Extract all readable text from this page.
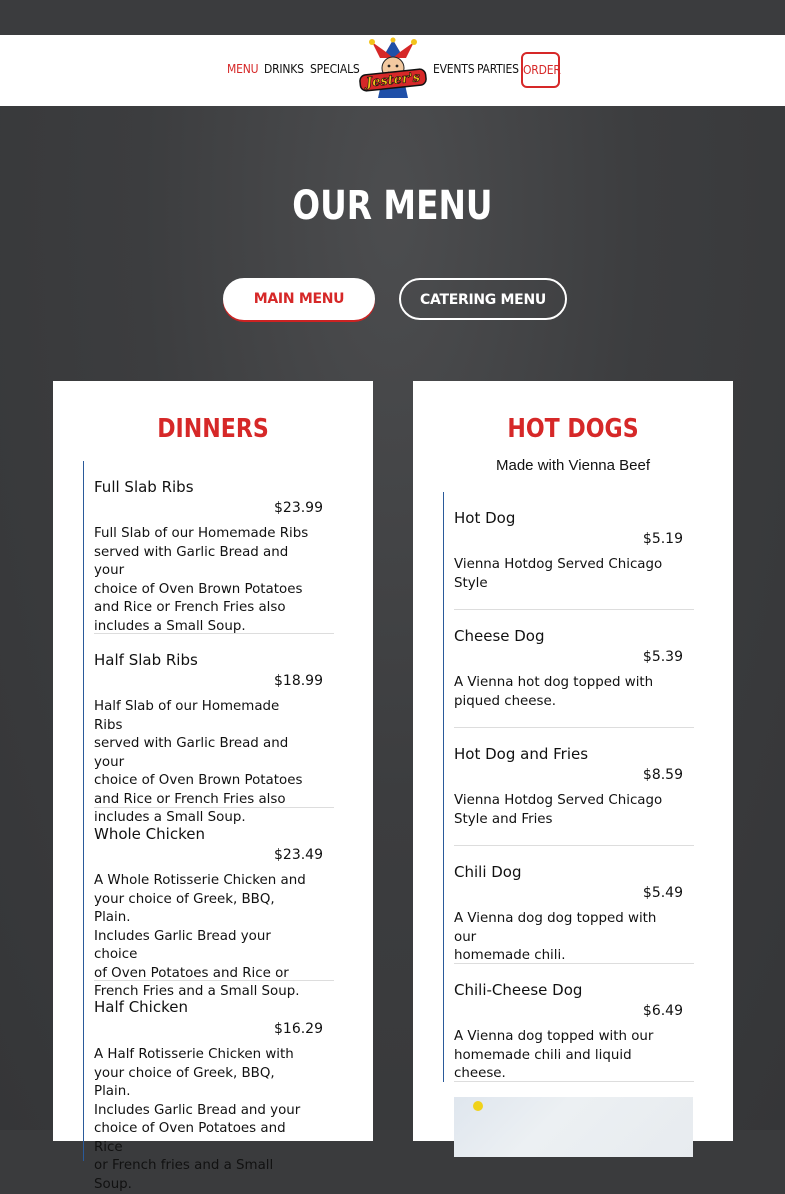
MENU DRINKS SPECIALS
Jester's
EVENTS PARTIES ORDER
OUR MENU
MAIN MENU	CATERING MENU
DINNERS
Full Slab Ribs
$23.99
Full Slab of our Homemade Ribs
served with Garlic Bread and your
choice of Oven Brown Potatoes
and Rice or French Fries also
includes a Small Soup.
Half Slab Ribs
$18.99
Half Slab of our Homemade Ribs
served with Garlic Bread and your
choice of Oven Brown Potatoes
and Rice or French Fries also
includes a Small Soup.
Whole Chicken
$23.49
A Whole Rotisserie Chicken and
your choice of Greek, BBQ, Plain.
Includes Garlic Bread your choice
of Oven Potatoes and Rice or
French Fries and a Small Soup.
Half Chicken
$16.29
A Half Rotisserie Chicken with
your choice of Greek, BBQ, Plain.
Includes Garlic Bread and your
choice of Oven Potatoes and Rice
or French fries and a Small Soup.
HOT DOGS
Made with Vienna Beef
Hot Dog
$5.19
Vienna Hotdog Served Chicago
Style
Cheese Dog
$5.39
A Vienna hot dog topped with
piqued cheese.
Hot Dog and Fries
$8.59
Vienna Hotdog Served Chicago
Style and Fries
Chili Dog
$5.49
A Vienna dog dog topped with our
homemade chili.
Chili-Cheese Dog
$6.49
A Vienna dog topped with our
homemade chili and liquid cheese.
